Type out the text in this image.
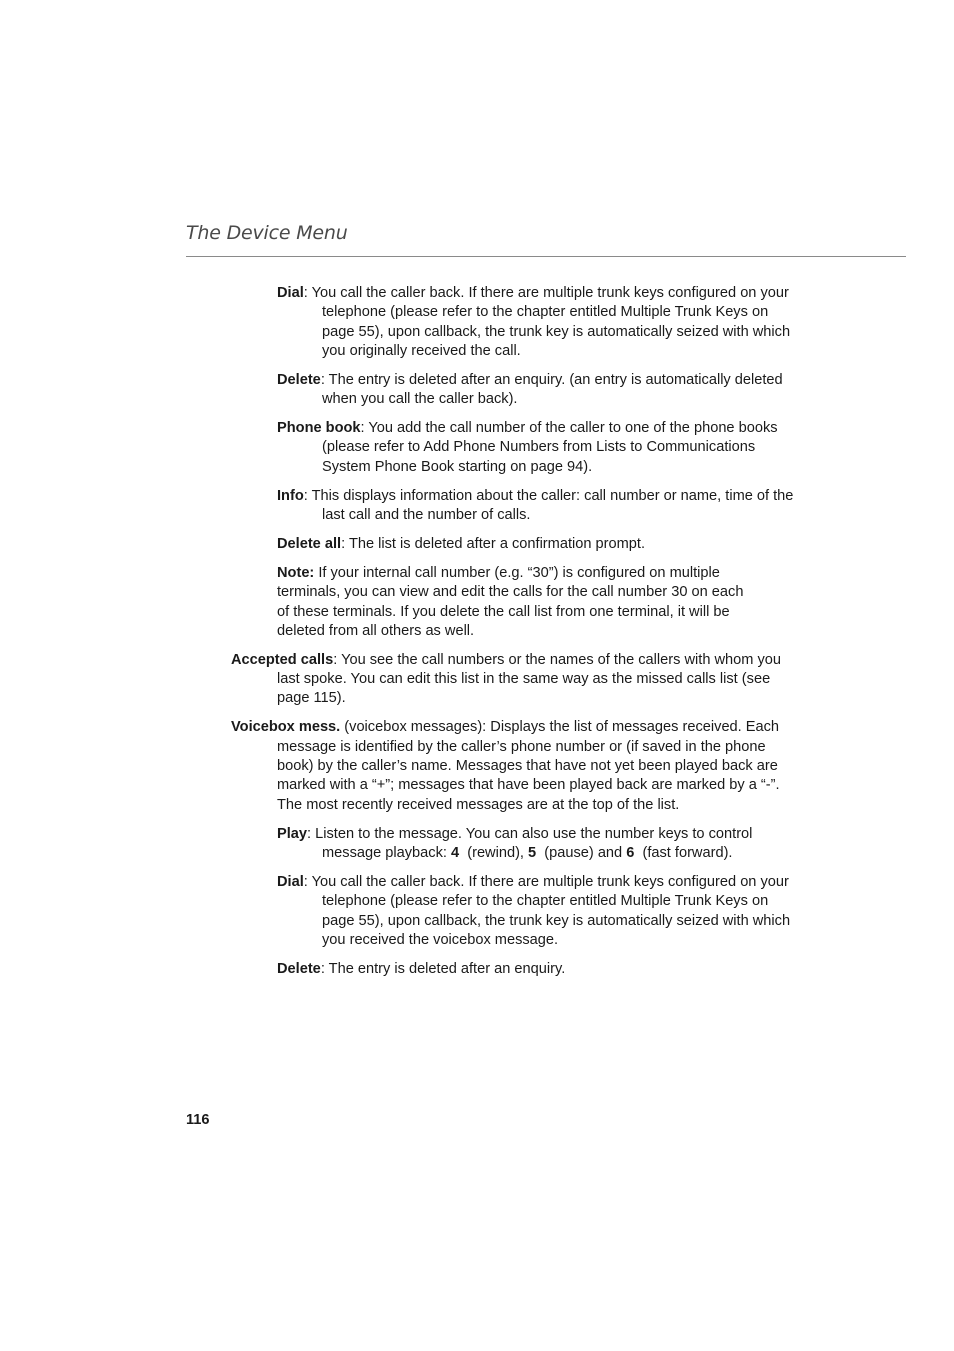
The Device Menu

Dial: You call the caller back. If there are multiple trunk keys configured on your telephone (please refer to the chapter entitled Multiple Trunk Keys on page 55), upon callback, the trunk key is automatically seized with which you originally received the call.

Delete: The entry is deleted after an enquiry. (an entry is automatically deleted when you call the caller back).

Phone book: You add the call number of the caller to one of the phone books (please refer to Add Phone Numbers from Lists to Communications System Phone Book starting on page 94).

Info: This displays information about the caller: call number or name, time of the last call and the number of calls.

Delete all: The list is deleted after a confirmation prompt.

Note: If your internal call number (e.g. “30”) is configured on multiple terminals, you can view and edit the calls for the call number 30 on each of these terminals. If you delete the call list from one terminal, it will be deleted from all others as well.

Accepted calls: You see the call numbers or the names of the callers with whom you last spoke. You can edit this list in the same way as the missed calls list (see page 115).

Voicebox mess. (voicebox messages): Displays the list of messages received. Each message is identified by the caller’s phone number or (if saved in the phone book) by the caller’s name. Messages that have not yet been played back are marked with a “+”; messages that have been played back are marked by a “-”. The most recently received messages are at the top of the list.

Play: Listen to the message. You can also use the number keys to control message playback: 4  (rewind), 5  (pause) and 6  (fast forward).

Dial: You call the caller back. If there are multiple trunk keys configured on your telephone (please refer to the chapter entitled Multiple Trunk Keys on page 55), upon callback, the trunk key is automatically seized with which you received the voicebox message.

Delete: The entry is deleted after an enquiry.

116
